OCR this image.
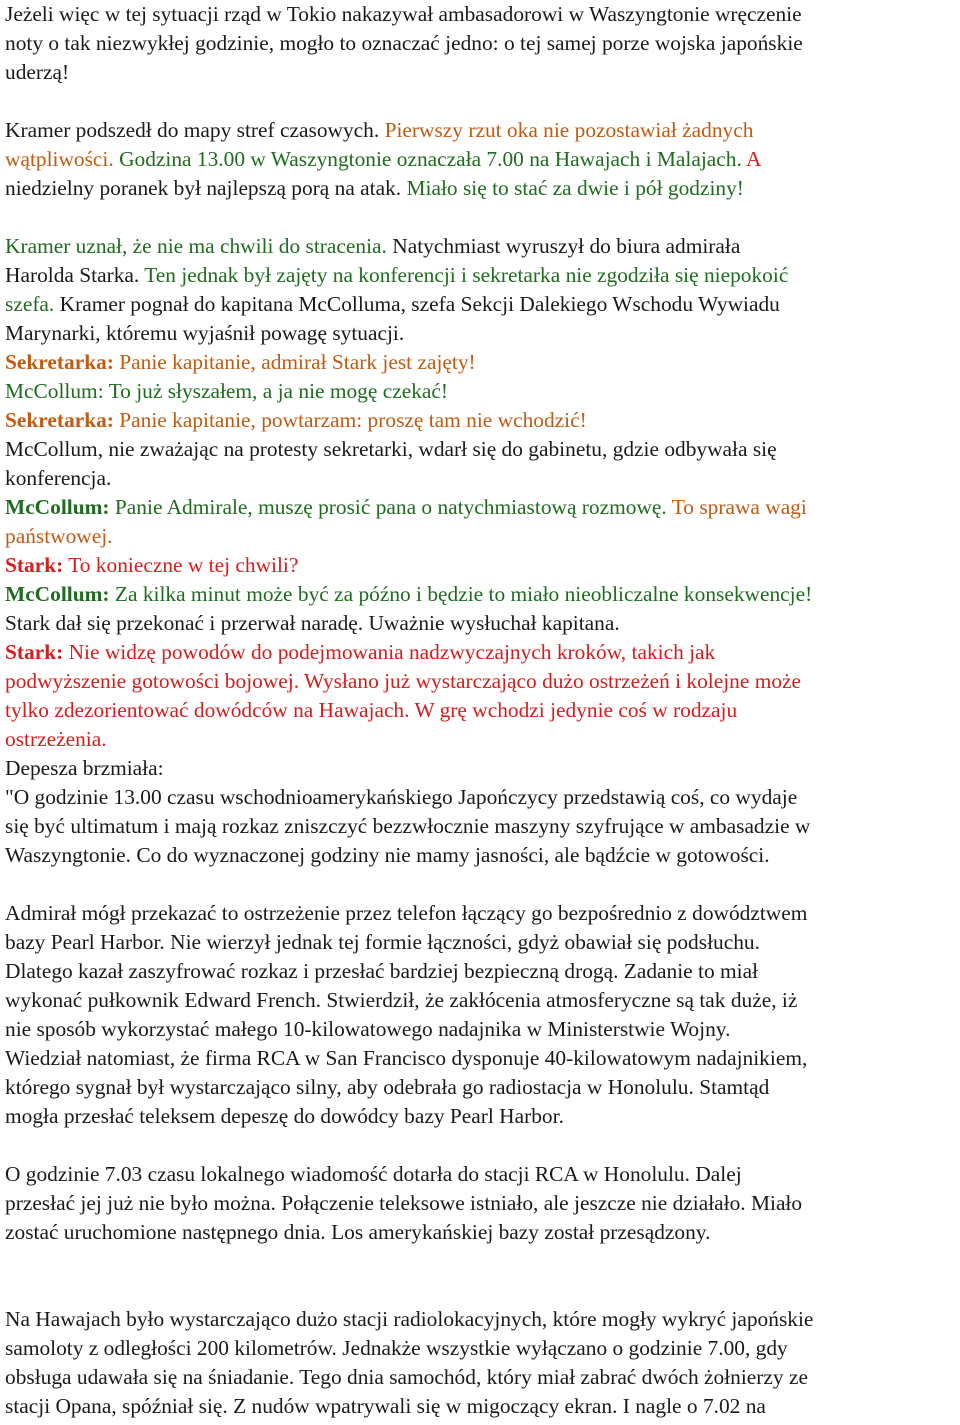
Jeżeli więc w tej sytuacji rząd w Tokio nakazywał ambasadorowi w Waszyngtonie wręczenie
noty o tak niezwykłej godzinie, mogło to oznaczać jedno: o tej samej porze wojska japońskie
uderzą!
Kramer podszedł do mapy stref czasowych. Pierwszy rzut oka nie pozostawiał żadnych
wątpliwości. Godzina 13.00 w Waszyngtonie oznaczała 7.00 na Hawajach i Malajach. A
niedzielny poranek był najlepszą porą na atak. Miało się to stać za dwie i pół godziny!
Kramer uznał, że nie ma chwili do stracenia. Natychmiast wyruszył do biura admirała
Harolda Starka. Ten jednak był zajęty na konferencji i sekretarka nie zgodziła się niepokoić
szefa. Kramer pognał do kapitana McColluma, szefa Sekcji Dalekiego Wschodu Wywiadu
Marynarki, któremu wyjaśnił powagę sytuacji.
Sekretarka: Panie kapitanie, admirał Stark jest zajęty!
McCollum: To już słyszałem, a ja nie mogę czekać!
Sekretarka: Panie kapitanie, powtarzam: proszę tam nie wchodzić!
McCollum, nie zważając na protesty sekretarki, wdarł się do gabinetu, gdzie odbywała się
konferencja.
McCollum: Panie Admirale, muszę prosić pana o natychmiastową rozmowę. To sprawa wagi
państwowej.
Stark: To konieczne w tej chwili?
McCollum: Za kilka minut może być za późno i będzie to miało nieobliczalne konsekwencje!
Stark dał się przekonać i przerwał naradę. Uważnie wysłuchał kapitana.
Stark: Nie widzę powodów do podejmowania nadzwyczajnych kroków, takich jak
podwyższenie gotowości bojowej. Wysłano już wystarczająco dużo ostrzeżeń i kolejne może
tylko zdezorientować dowódców na Hawajach. W grę wchodzi jedynie coś w rodzaju
ostrzeżenia.
Depesza brzmiała:
"O godzinie 13.00 czasu wschodnioamerykańskiego Japończycy przedstawią coś, co wydaje
się być ultimatum i mają rozkaz zniszczyć bezzwłocznie maszyny szyfrujące w ambasadzie w
Waszyngtonie. Co do wyznaczonej godziny nie mamy jasności, ale bądźcie w gotowości.
Admirał mógł przekazać to ostrzeżenie przez telefon łączący go bezpośrednio z dowództwem
bazy Pearl Harbor. Nie wierzył jednak tej formie łączności, gdyż obawiał się podsłuchu.
Dlatego kazał zaszyfrować rozkaz i przesłać bardziej bezpieczną drogą. Zadanie to miał
wykonać pułkownik Edward French. Stwierdził, że zakłócenia atmosferyczne są tak duże, iż
nie sposób wykorzystać małego 10-kilowatowego nadajnika w Ministerstwie Wojny.
Wiedział natomiast, że firma RCA w San Francisco dysponuje 40-kilowatowym nadajnikiem,
którego sygnał był wystarczająco silny, aby odebrała go radiostacja w Honolulu. Stamtąd
mogła przesłać teleksem depeszę do dowódcy bazy Pearl Harbor.
O godzinie 7.03 czasu lokalnego wiadomość dotarła do stacji RCA w Honolulu. Dalej
przesłać jej już nie było można. Połączenie teleksowe istniało, ale jeszcze nie działało. Miało
zostać uruchomione następnego dnia. Los amerykańskiej bazy został przesądzony.
Na Hawajach było wystarczająco dużo stacji radiolokacyjnych, które mogły wykryć japońskie
samoloty z odległości 200 kilometrów. Jednakże wszystkie wyłączano o godzinie 7.00, gdy
obsługa udawała się na śniadanie. Tego dnia samochód, który miał zabrać dwóch żołnierzy ze
stacji Opana, spóźniał się. Z nudów wpatrywali się w migoczący ekran. I nagle o 7.02 na
